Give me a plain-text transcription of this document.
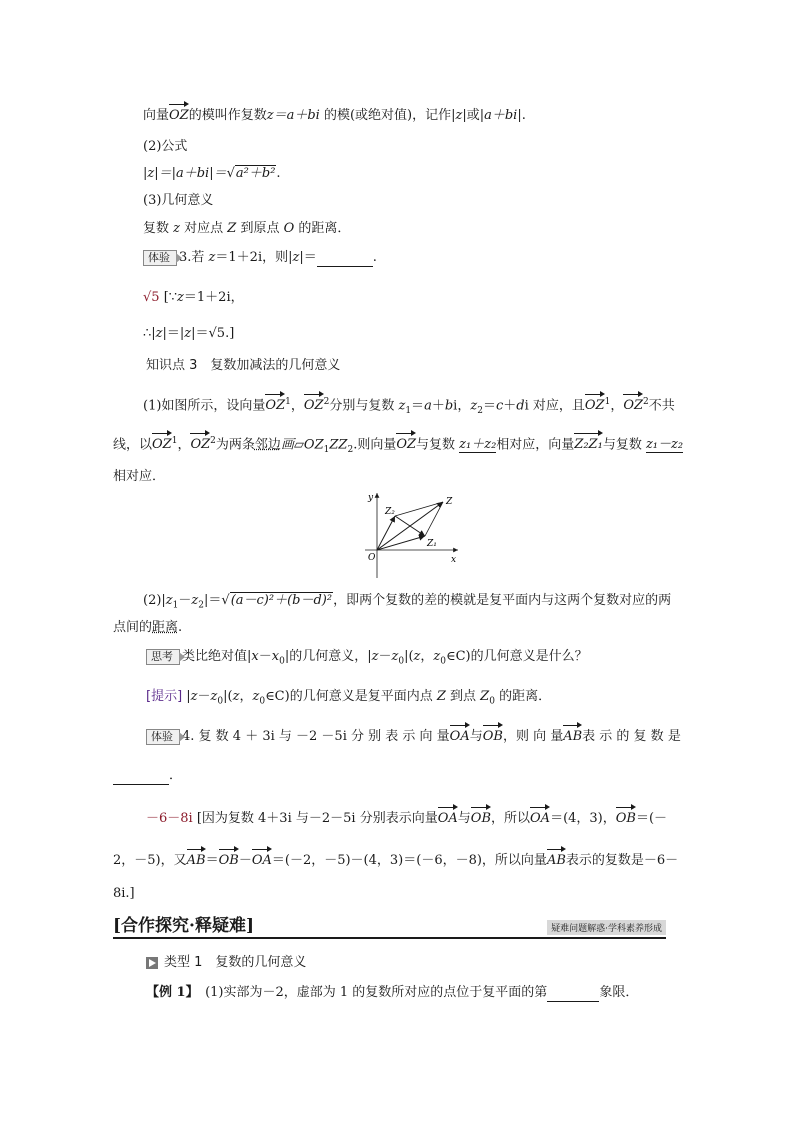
向量OZ的模叫作复数z＝a＋bi 的模(或绝对值)，记作|z|或|a＋bi|.
(2)公式
|z|＝|a＋bi|＝√a²＋b².
(3)几何意义
复数 z 对应点 Z 到原点 O 的距离．
体验 3.若 z＝1＋2i，则|z|＝	.
√5 [∵z＝1＋2i，
∴|z|＝|z|＝√5.]
知识点 3　复数加减法的几何意义
(1)如图所示，设向量$OZ^1$，$OZ^2$分别与复数 $z_1=a+bi$，$z_2=c+di$ 对应，且$OZ^1$，$OZ^2$不共
线，以$OZ^1$，$OZ^2$为两条邻边画$▱OZ_1ZZ_2$.则向量OZ与复数 z₁＋z₂相对应，向量Z₂Z₁与复数 z₁－z₂
相对应．
y
x
O
Z
Z₁
Z₂
$(2)|z_1-z_2|=√(a-c)^2+(b-d)^2$，即两个复数的差的模就是复平面内与这两个复数对应的两
点间的距离.
思考 类比绝对值$|x-x_0|$的几何意义，$|z-z_0|(z$，$z_0\in C$)的几何意义是什么？
[提示] $|z-z_0|(z$，$z_0\in C$)的几何意义是复平面内点 Z 到点 $Z_0$ 的距离．
体验 4. 复 数 4 ＋ 3i 与 －2 －5i 分 别 表 示 向 量OA与OB，则 向 量AB表 示 的 复 数 是
．
－6－8i [因为复数 4＋3i 与－2－5i 分别表示向量OA与OB，所以OA＝(4，3)，OB＝(－
2，－5)，又AB＝OB－OA＝(－2，－5)－(4，3)＝(－6，－8)，所以向量AB表示的复数是－6－
8i.]
[合作探究·释疑难]	疑难问题解惑·学科素养形成
类型 1　复数的几何意义
【例 1】　(1)实部为－2，虚部为 1 的复数所对应的点位于复平面的第	象限．
